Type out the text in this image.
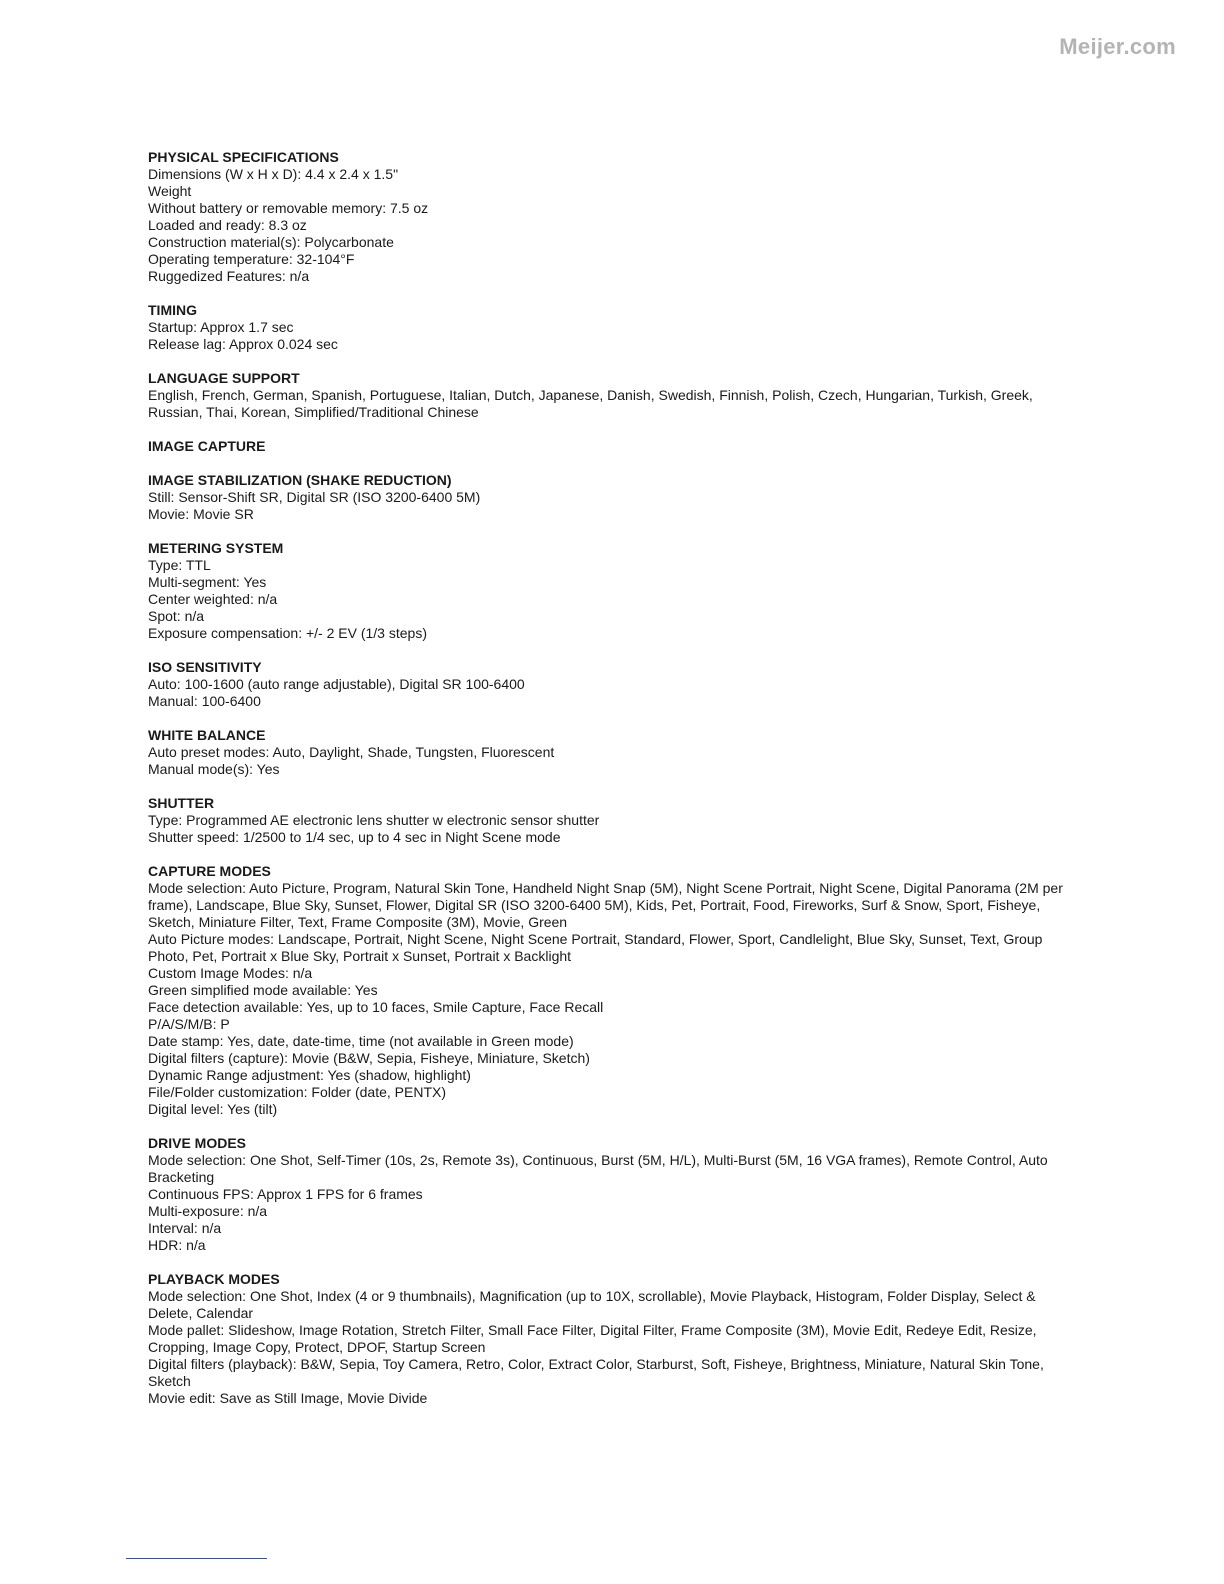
Meijer.com
PHYSICAL SPECIFICATIONS
Dimensions (W x H x D): 4.4 x 2.4 x 1.5"
Weight
Without battery or removable memory: 7.5 oz
Loaded and ready: 8.3 oz
Construction material(s): Polycarbonate
Operating temperature: 32-104°F
Ruggedized Features: n/a
TIMING
Startup: Approx 1.7 sec
Release lag: Approx 0.024 sec
LANGUAGE SUPPORT
English, French, German, Spanish, Portuguese, Italian, Dutch, Japanese, Danish, Swedish, Finnish, Polish, Czech, Hungarian, Turkish, Greek, Russian, Thai, Korean, Simplified/Traditional Chinese
IMAGE CAPTURE
IMAGE STABILIZATION (SHAKE REDUCTION)
Still: Sensor-Shift SR, Digital SR (ISO 3200-6400 5M)
Movie: Movie SR
METERING SYSTEM
Type: TTL
Multi-segment: Yes
Center weighted: n/a
Spot: n/a
Exposure compensation: +/- 2 EV (1/3 steps)
ISO SENSITIVITY
Auto: 100-1600 (auto range adjustable), Digital SR 100-6400
Manual: 100-6400
WHITE BALANCE
Auto preset modes: Auto, Daylight, Shade, Tungsten, Fluorescent
Manual mode(s): Yes
SHUTTER
Type: Programmed AE electronic lens shutter w electronic sensor shutter
Shutter speed: 1/2500 to 1/4 sec, up to 4 sec in Night Scene mode
CAPTURE MODES
Mode selection: Auto Picture, Program, Natural Skin Tone, Handheld Night Snap (5M), Night Scene Portrait, Night Scene, Digital Panorama (2M per frame), Landscape, Blue Sky, Sunset, Flower, Digital SR (ISO 3200-6400 5M), Kids, Pet, Portrait, Food, Fireworks, Surf & Snow, Sport, Fisheye, Sketch, Miniature Filter, Text, Frame Composite (3M), Movie, Green
Auto Picture modes: Landscape, Portrait, Night Scene, Night Scene Portrait, Standard, Flower, Sport, Candlelight, Blue Sky, Sunset, Text, Group Photo, Pet, Portrait x Blue Sky, Portrait x Sunset, Portrait x Backlight
Custom Image Modes: n/a
Green simplified mode available: Yes
Face detection available: Yes, up to 10 faces, Smile Capture, Face Recall
P/A/S/M/B: P
Date stamp: Yes, date, date-time, time (not available in Green mode)
Digital filters (capture): Movie (B&W, Sepia, Fisheye, Miniature, Sketch)
Dynamic Range adjustment: Yes (shadow, highlight)
File/Folder customization: Folder (date, PENTX)
Digital level: Yes (tilt)
DRIVE MODES
Mode selection: One Shot, Self-Timer (10s, 2s, Remote 3s), Continuous, Burst (5M, H/L), Multi-Burst (5M, 16 VGA frames), Remote Control, Auto Bracketing
Continuous FPS: Approx 1 FPS for 6 frames
Multi-exposure: n/a
Interval: n/a
HDR: n/a
PLAYBACK MODES
Mode selection: One Shot, Index (4 or 9 thumbnails), Magnification (up to 10X, scrollable), Movie Playback, Histogram, Folder Display, Select & Delete, Calendar
Mode pallet: Slideshow, Image Rotation, Stretch Filter, Small Face Filter, Digital Filter, Frame Composite (3M), Movie Edit, Redeye Edit, Resize, Cropping, Image Copy, Protect, DPOF, Startup Screen
Digital filters (playback): B&W, Sepia, Toy Camera, Retro, Color, Extract Color, Starburst, Soft, Fisheye, Brightness, Miniature, Natural Skin Tone, Sketch
Movie edit: Save as Still Image, Movie Divide
